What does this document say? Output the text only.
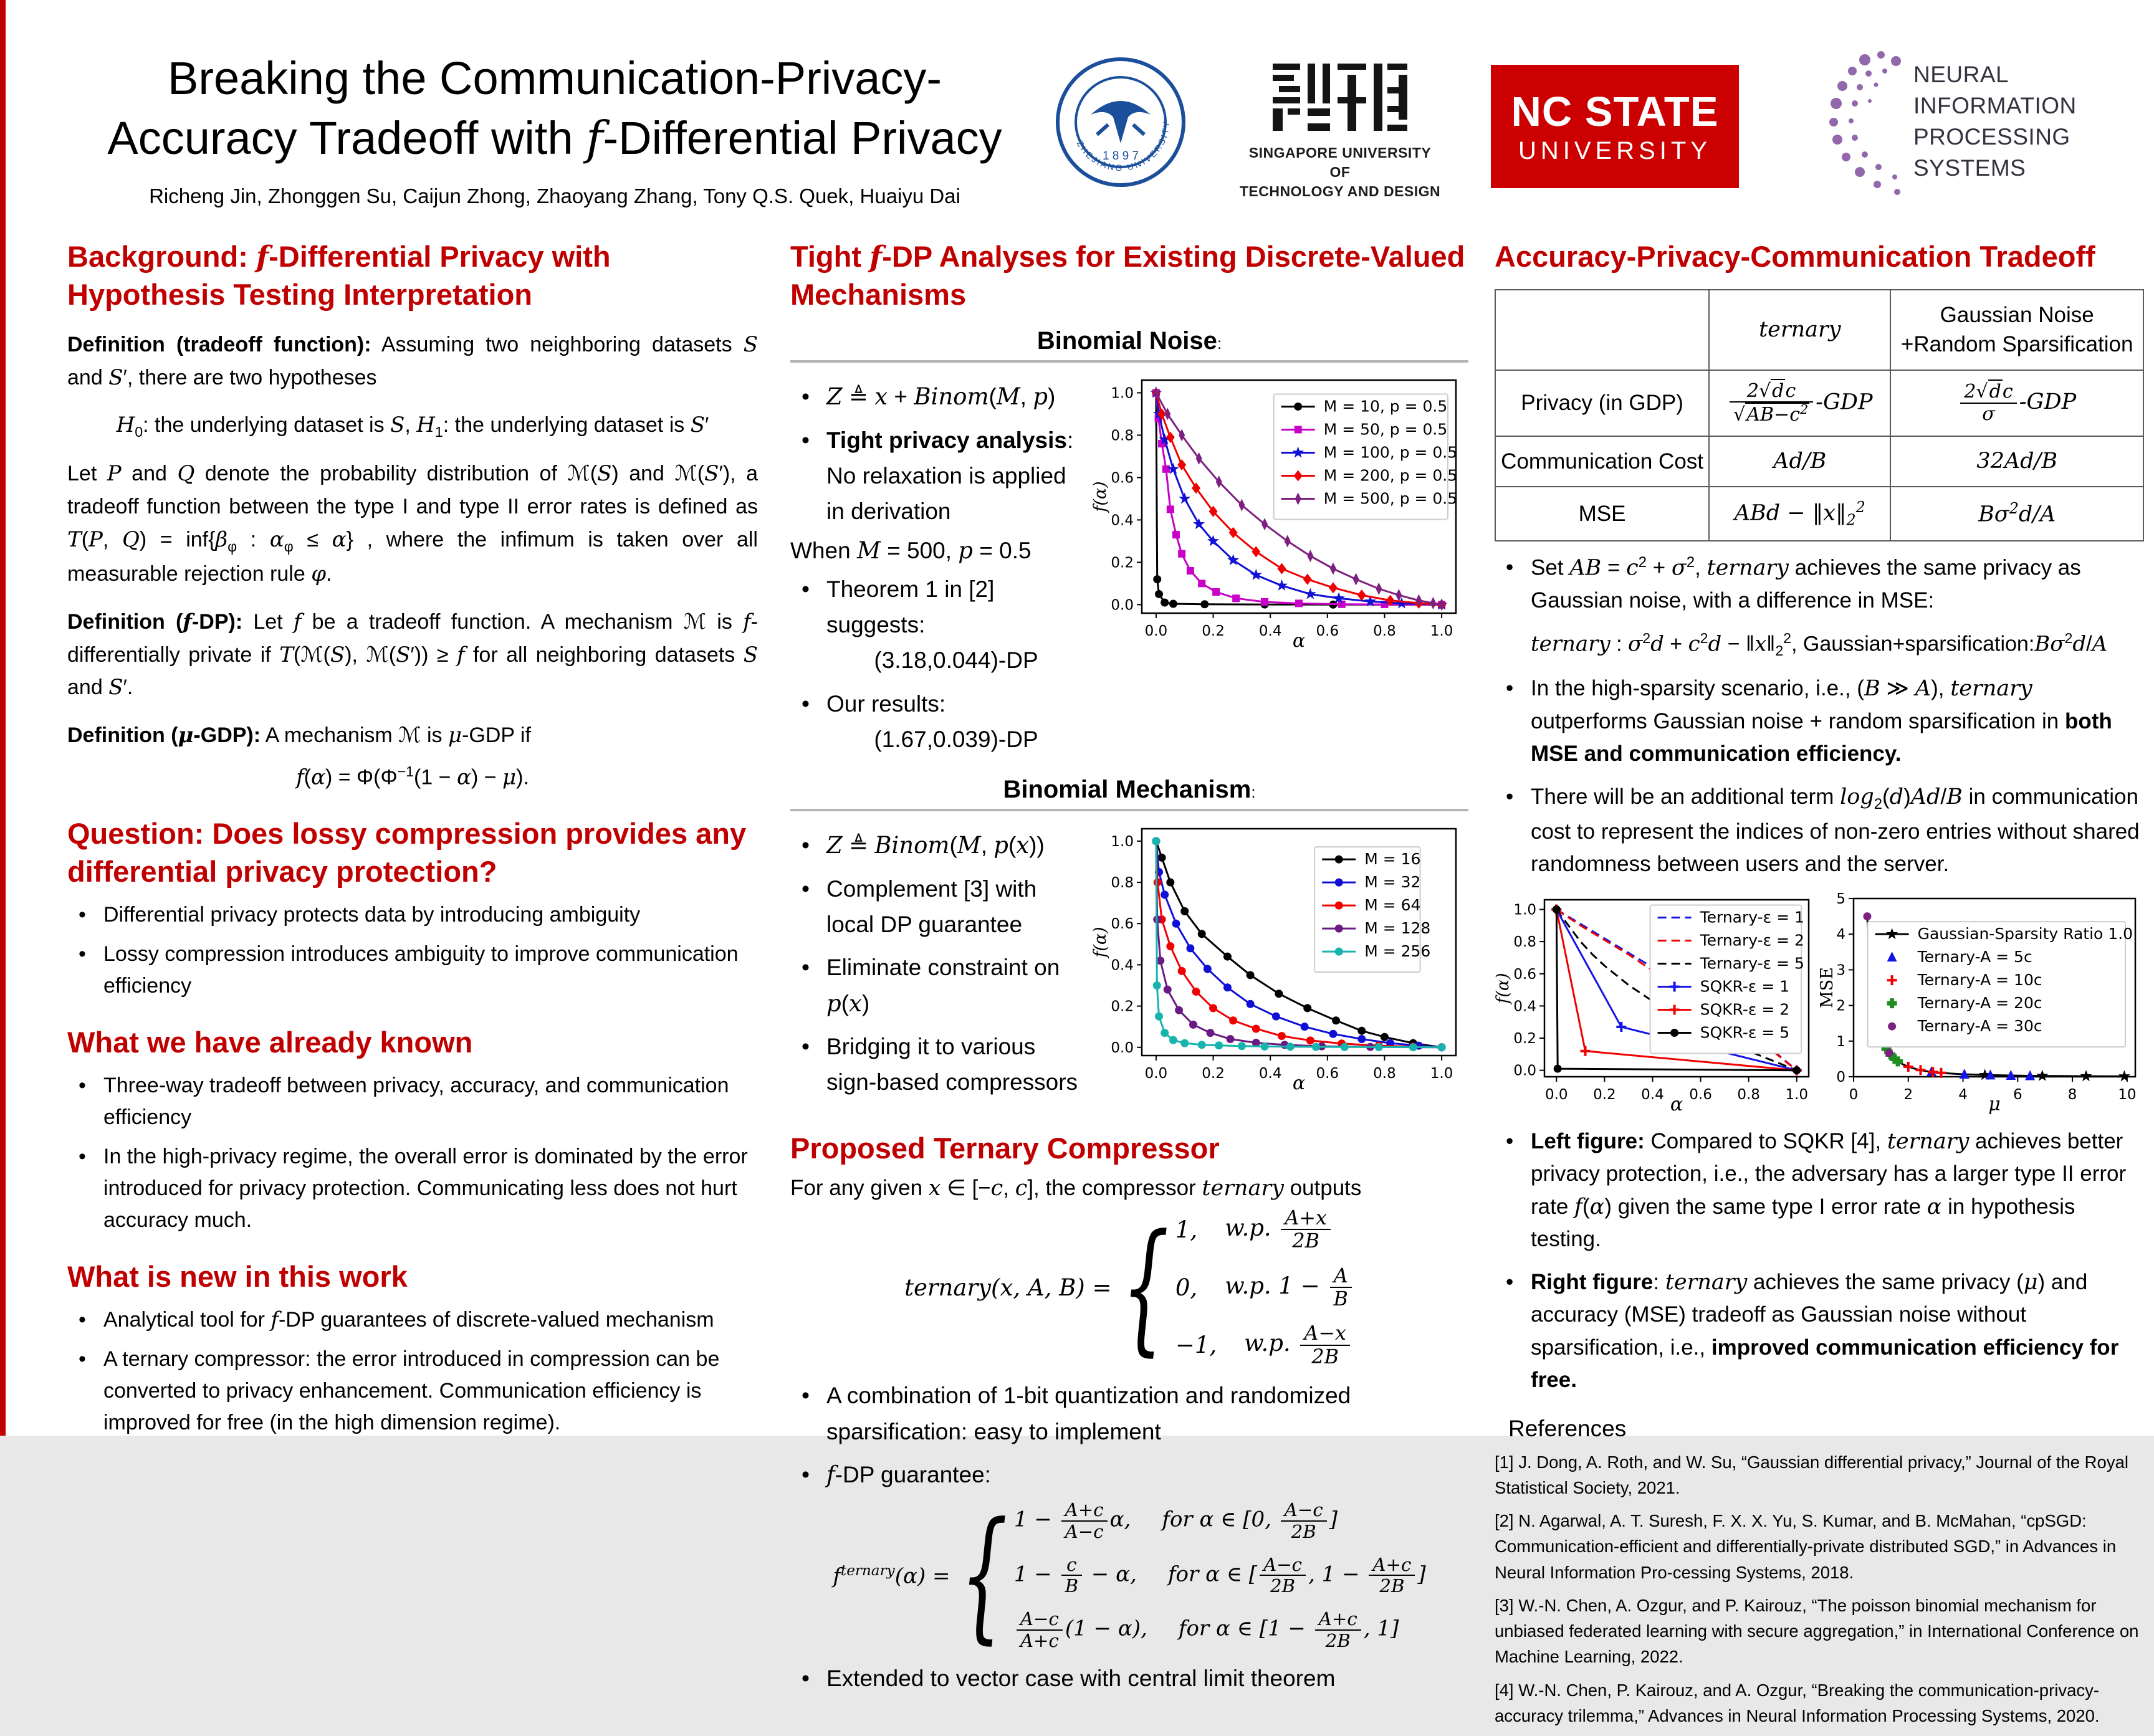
Breaking the Communication-Privacy-
Accuracy Tradeoff with f-Differential Privacy
Richeng Jin, Zhonggen Su, Caijun Zhong, Zhaoyang Zhang, Tony Q.S. Quek, Huaiyu Dai
1 8 9 7
ZHEJIANG UNIVERSITY
SINGAPORE UNIVERSITY OF
TECHNOLOGY AND DESIGN
NC STATE
UNIVERSITY
NEURAL INFORMATION
PROCESSING SYSTEMS
Background: f-Differential Privacy with Hypothesis Testing Interpretation
Definition (tradeoff function): Assuming two neighboring datasets S and S′, there are two hypotheses
$H_0$: the underlying dataset is S, $H_1$: the underlying dataset is S′
Let P and Q denote the probability distribution of ℳ(S) and ℳ(S′), a tradeoff function between the type I and type II error rates is defined as T(P, $Q) = inf\{\beta_\varphi$ : $\alpha_\varphi \le \alpha$} , where the infimum is taken over all measurable rejection rule φ.
Definition (f-DP): Let f be a tradeoff function. A mechanism ℳ is f-differentially private if T(ℳ(S), ℳ(S′)) ≥ f for all neighboring datasets S and S′.
Definition (μ-GDP): A mechanism ℳ is μ-GDP if
$f(\alpha) = \Phi(\Phi^{-1}(1 - \alpha) - \mu)$.
Question: Does lossy compression provides any differential privacy protection?
• Differential privacy protects data by introducing ambiguity
• Lossy compression introduces ambiguity to improve communication efficiency
What we have already known
• Three-way tradeoff between privacy, accuracy, and communication efficiency
• In the high-privacy regime, the overall error is dominated by the error introduced for privacy protection. Communicating less does not hurt accuracy much.
What is new in this work
• Analytical tool for f-DP guarantees of discrete-valued mechanism
• A ternary compressor: the error introduced in compression can be converted to privacy enhancement. Communication efficiency is improved for free (in the high dimension regime).
Tight f-DP Analyses for Existing Discrete-Valued Mechanisms
Binomial Noise:
• Z ≜ x + Binom(M, p)
• Tight privacy analysis: No relaxation is applied in derivation
When M = 500, p = 0.5
• Theorem 1 in [2] suggests:
(3.18,0.044)-DP
• Our results:
(1.67,0.039)-DP
0.0 0.2 0.4 0.6 0.8 1.0
0.0
0.2
0.4
0.6
0.8
1.0
α
f(α)
M = 10, p = 0.5
M = 50, p = 0.5
M = 100, p = 0.5
M = 200, p = 0.5
M = 500, p = 0.5
Binomial Mechanism:
• Z ≜ Binom(M, p(x))
• Complement [3] with local DP guarantee
• Eliminate constraint on p(x)
• Bridging it to various sign-based compressors	0.0 0.2 0.4 0.6 0.8 1.0
0.0
0.2
0.4
0.6
0.8
1.0
α
f(α)
M = 16
M = 32
M = 64
M = 128
M = 256
Proposed Ternary Compressor
For any given x ∈ [−c, c], the compressor ternary outputs
ternary(x, A, B) = { 1, w.p. $\frac{A+x}{2B}$
0, w.p. $1 - \frac{A}{B}$
−1, w.p. $\frac{A-x}{2B}$
• A combination of 1-bit quantization and randomized sparsification: easy to implement
• f-DP guarantee:
$f^{ternary}(\alpha)$ = { $1 - \frac{A+c}{A-c} \alpha$, for α ∈ [0, $\frac{A-c}{2B}$ ]
$1 - \frac{c}{B} - \alpha$, for α ∈ [ $\frac{A-c}{2B}$ , $1 - \frac{A+c}{2B}$ ]
$\frac{A-c}{A+c} (1 - \alpha)$, for α ∈ [$1 - \frac{A+c}{2B}$ , 1]
• Extended to vector case with central limit theorem
Accuracy-Privacy-Communication Tradeoff
	ternary	Gaussian Noise
+Random Sparsification

Privacy (in GDP)	$\frac{2√dc}{√AB-c^2} -GDP$	$\frac{2√dc}{\sigma} -GDP$
Communication Cost	Ad/B	32Ad/B
MSE	ABd − $‖x‖_2^2$	$B\sigma^2d/A$
• Set AB = $c^2 + \sigma^2$, ternary achieves the same privacy as Gaussian noise, with a difference in MSE:
ternary : $\sigma^2d + c^2d$ − $‖x‖_2^2$, $Gaussian+sparsification:B\sigma^2d/A$
• In the high-sparsity scenario, i.e., (B ≫ A), ternary outperforms Gaussian noise + random sparsification in both MSE and communication efficiency.
• There will be an additional term $\log_2(d)Ad/B$ in communication cost to represent the indices of non-zero entries without shared randomness between users and the server.
0.0 0.2 0.4 0.6 0.8 1.0
0.0
0.2
0.4
0.6
0.8
1.0
α
f(α)
Ternary-ε = 1
Ternary-ε = 2
Ternary-ε = 5
SQKR-ε = 1
SQKR-ε = 2
SQKR-ε = 5
0	2	4	6	8	10
0
1
2
3
4
5
μ
MSE
Gaussian-Sparsity Ratio 1.0
Ternary-A = 5c
Ternary-A = 10c
Ternary-A = 20c
Ternary-A = 30c
• Left figure: Compared to SQKR [4], ternary achieves better privacy protection, i.e., the adversary has a larger type II error rate f(α) given the same type I error rate α in hypothesis testing.
• Right figure: ternary achieves the same privacy (μ) and accuracy (MSE) tradeoff as Gaussian noise without sparsification, i.e., improved communication efficiency for free.
References
[1] J. Dong, A. Roth, and W. Su, “Gaussian differential privacy,” Journal of the Royal Statistical Society, 2021.
[2] N. Agarwal, A. T. Suresh, F. X. X. Yu, S. Kumar, and B. McMahan, “cpSGD: Communication-efficient and differentially-private distributed SGD,” in Advances in Neural Information Pro-cessing Systems, 2018.
[3] W.-N. Chen, A. Ozgur, and P. Kairouz, “The poisson binomial mechanism for unbiased federated learning with secure aggregation,” in International Conference on Machine Learning, 2022.
[4] W.-N. Chen, P. Kairouz, and A. Ozgur, “Breaking the communication-privacy-accuracy trilemma,” Advances in Neural Information Processing Systems, 2020.
